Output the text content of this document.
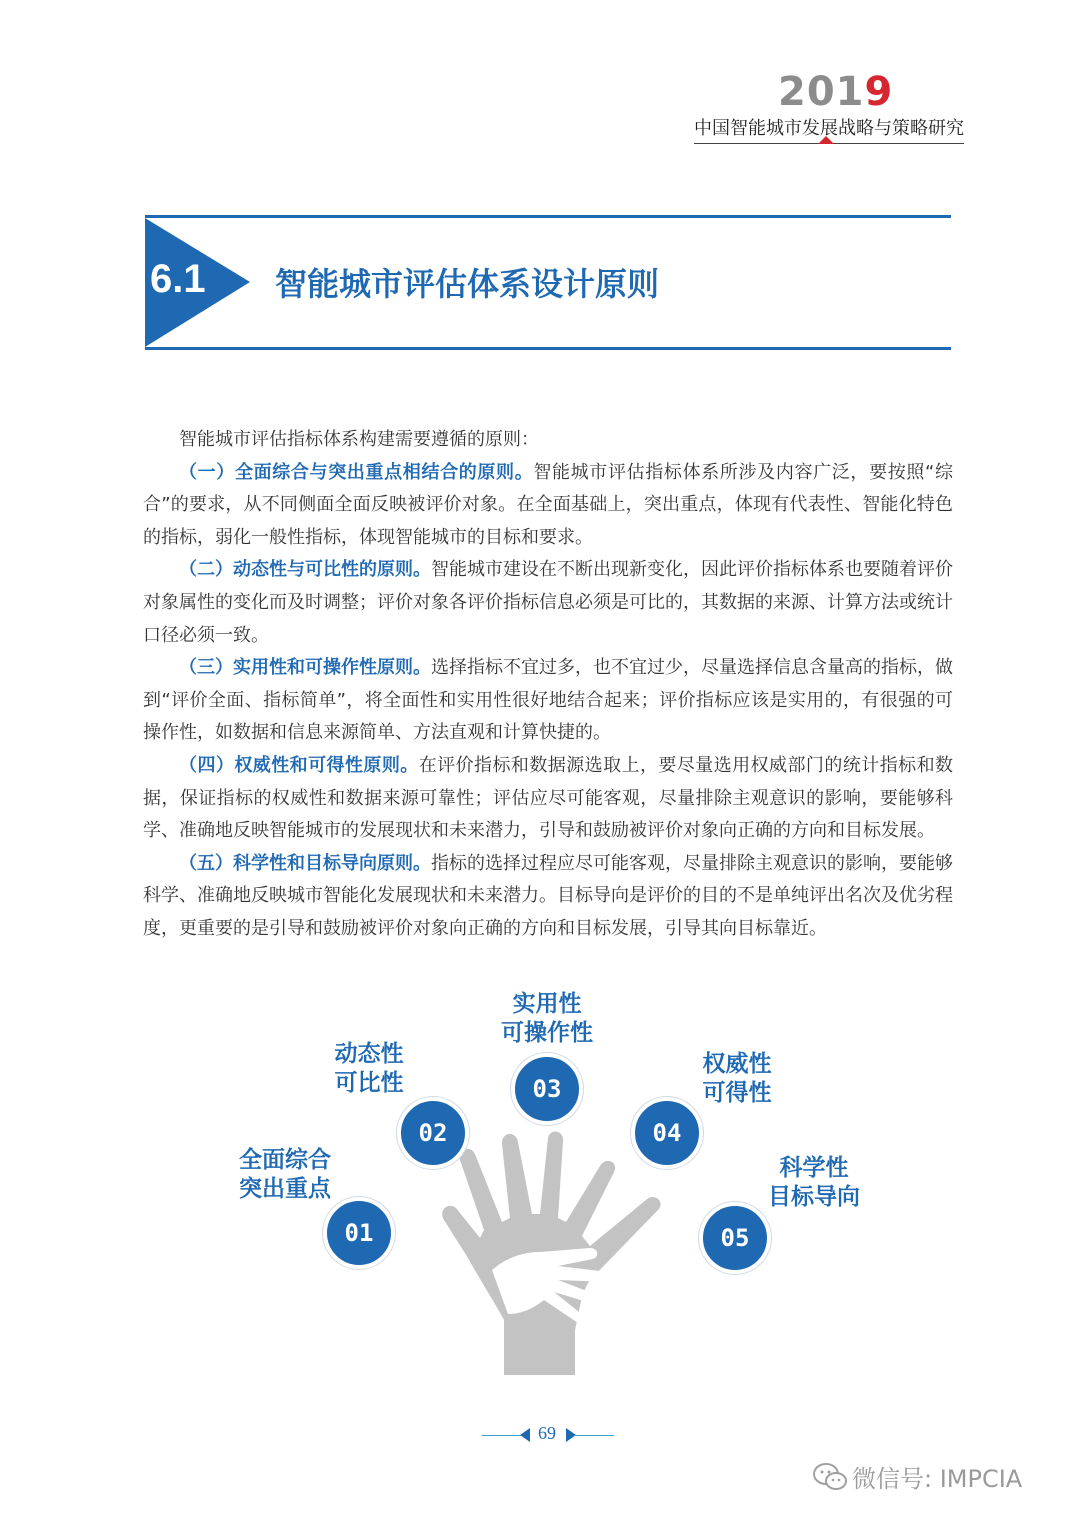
2019
中国智能城市发展战略与策略研究
6.1 智能城市评估体系设计原则

智能城市评估指标体系构建需要遵循的原则：

（一）全面综合与突出重点相结合的原则。智能城市评估指标体系所涉及内容广泛，要按照“综合”的要求，从不同侧面全面反映被评价对象。在全面基础上，突出重点，体现有代表性、智能化特色的指标，弱化一般性指标，体现智能城市的目标和要求。

（二）动态性与可比性的原则。智能城市建设在不断出现新变化，因此评价指标体系也要随着评价对象属性的变化而及时调整；评价对象各评价指标信息必须是可比的，其数据的来源、计算方法或统计口径必须一致。

（三）实用性和可操作性原则。选择指标不宜过多，也不宜过少，尽量选择信息含量高的指标，做到“评价全面、指标简单”，将全面性和实用性很好地结合起来；评价指标应该是实用的，有很强的可操作性，如数据和信息来源简单、方法直观和计算快捷的。

（四）权威性和可得性原则。在评价指标和数据源选取上，要尽量选用权威部门的统计指标和数据，保证指标的权威性和数据来源可靠性；评估应尽可能客观，尽量排除主观意识的影响，要能够科学、准确地反映智能城市的发展现状和未来潜力，引导和鼓励被评价对象向正确的方向和目标发展。

（五）科学性和目标导向原则。指标的选择过程应尽可能客观，尽量排除主观意识的影响，要能够科学、准确地反映城市智能化发展现状和未来潜力。目标导向是评价的目的不是单纯评出名次及优劣程度，更重要的是引导和鼓励被评价对象向正确的方向和目标发展，引导其向目标靠近。

01
02
03
04
05
全面综合
突出重点
动态性
可比性
实用性
可操作性
权威性
可得性
科学性
目标导向
69
微信号: IMPCIA
